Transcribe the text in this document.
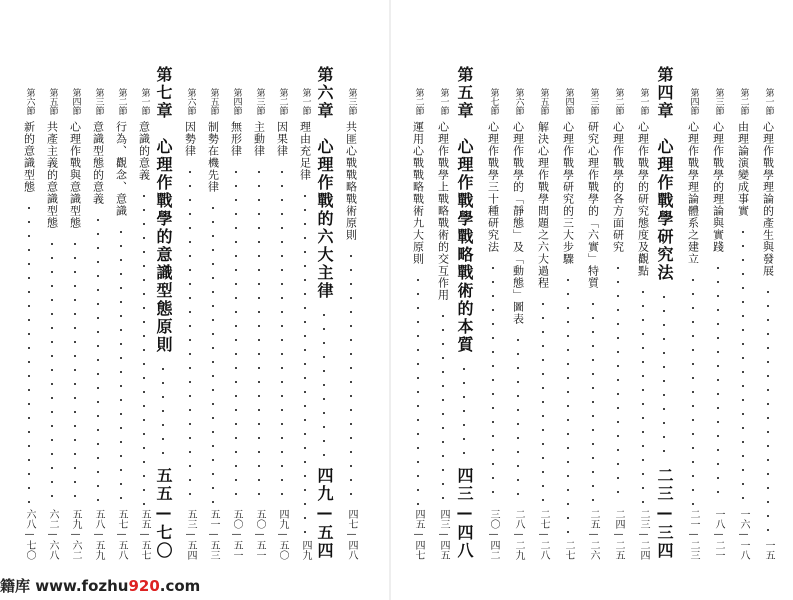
第三節
共匪心戰戰略戰術原則
四七—四八
第六章　心理作戰的六大主律
四九—五四
第一節
理由充足律
四九
第二節
因果律
四九—五〇
第三節
主動律
五〇—五一
第四節
無形律
五〇—五一
第五節
制勢在機先律
五一—五三
第六節
因勢律
五三—五四
第七章　心理作戰學的意識型態原則
五五—七〇
第一節
意識的意義
五五—五七
第二節
行為、觀念、意識
五七—五八
第三節
意識型態的意義
五八—五九
第四節
心理作戰與意識型態
五九—六二
第五節
共產主義的意識型態
六二—六八
第六節
新的意識型態
六八—七〇
第一節
心理作戰學理論的產生與發展
一五
第二節
由理論演變成事實
一六—一八
第三節
心理作戰學的理論與實踐
一八—二一
第四節
心理作戰學理論體系之建立
二一—二三
第四章　心理作戰學研究法
二三—三四
第一節
心理作戰學的研究態度及觀點
二三—二四
第二節
心理作戰學的各方面研究
二四—二五
第三節
研究心理作戰學的「六實」特質
二五—二六
第四節
心理作戰學研究的三大步驟
二七
第五節
解決心理作戰學問題之六大過程
二七—二八
第六節
心理作戰學的「靜態」及「動態」圖表
二八—二九
第七節
心理作戰學三十種研究法
三〇—四二
第五章　心理作戰學戰略戰術的本質
四三—四八
第一節
心理作戰學上戰略戰術的交互作用
四三—四五
第二節
運用心戰戰略戰術九大原則
四五—四七
籍库 www.fozhu920.com
